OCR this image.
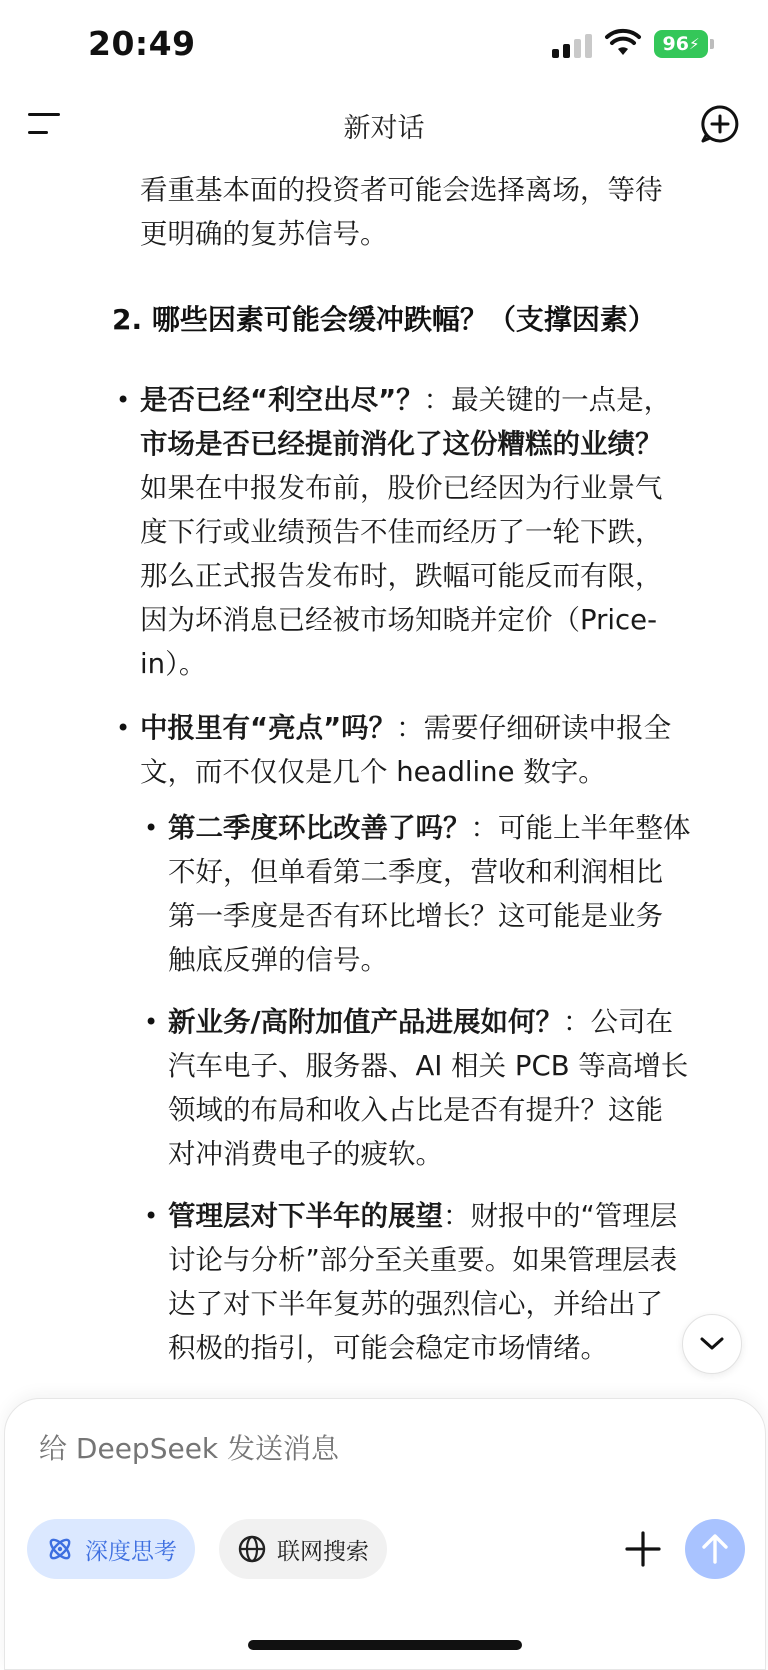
20:49	96 ⚡
新对话
看重基本面的投资者可能会选择离场，等待
更明确的复苏信号。
2. 哪些因素可能会缓冲跌幅？（支撑因素）
• 是否已经“利空出尽”？：最关键的一点是，
市场是否已经提前消化了这份糟糕的业绩？
如果在中报发布前，股价已经因为行业景气
度下行或业绩预告不佳而经历了一轮下跌，
那么正式报告发布时，跌幅可能反而有限，
因为坏消息已经被市场知晓并定价（Price-
in）。
• 中报里有“亮点”吗？：需要仔细研读中报全
文，而不仅仅是几个 headline 数字。
• 第二季度环比改善了吗？：可能上半年整体
不好，但单看第二季度，营收和利润相比
第一季度是否有环比增长？这可能是业务
触底反弹的信号。
• 新业务/高附加值产品进展如何？：公司在
汽车电子、服务器、AI 相关 PCB 等高增长
领域的布局和收入占比是否有提升？这能
对冲消费电子的疲软。
• 管理层对下半年的展望：财报中的“管理层
讨论与分析”部分至关重要。如果管理层表
达了对下半年复苏的强烈信心，并给出了
积极的指引，可能会稳定市场情绪。
给 DeepSeek 发送消息
深度思考	联网搜索
